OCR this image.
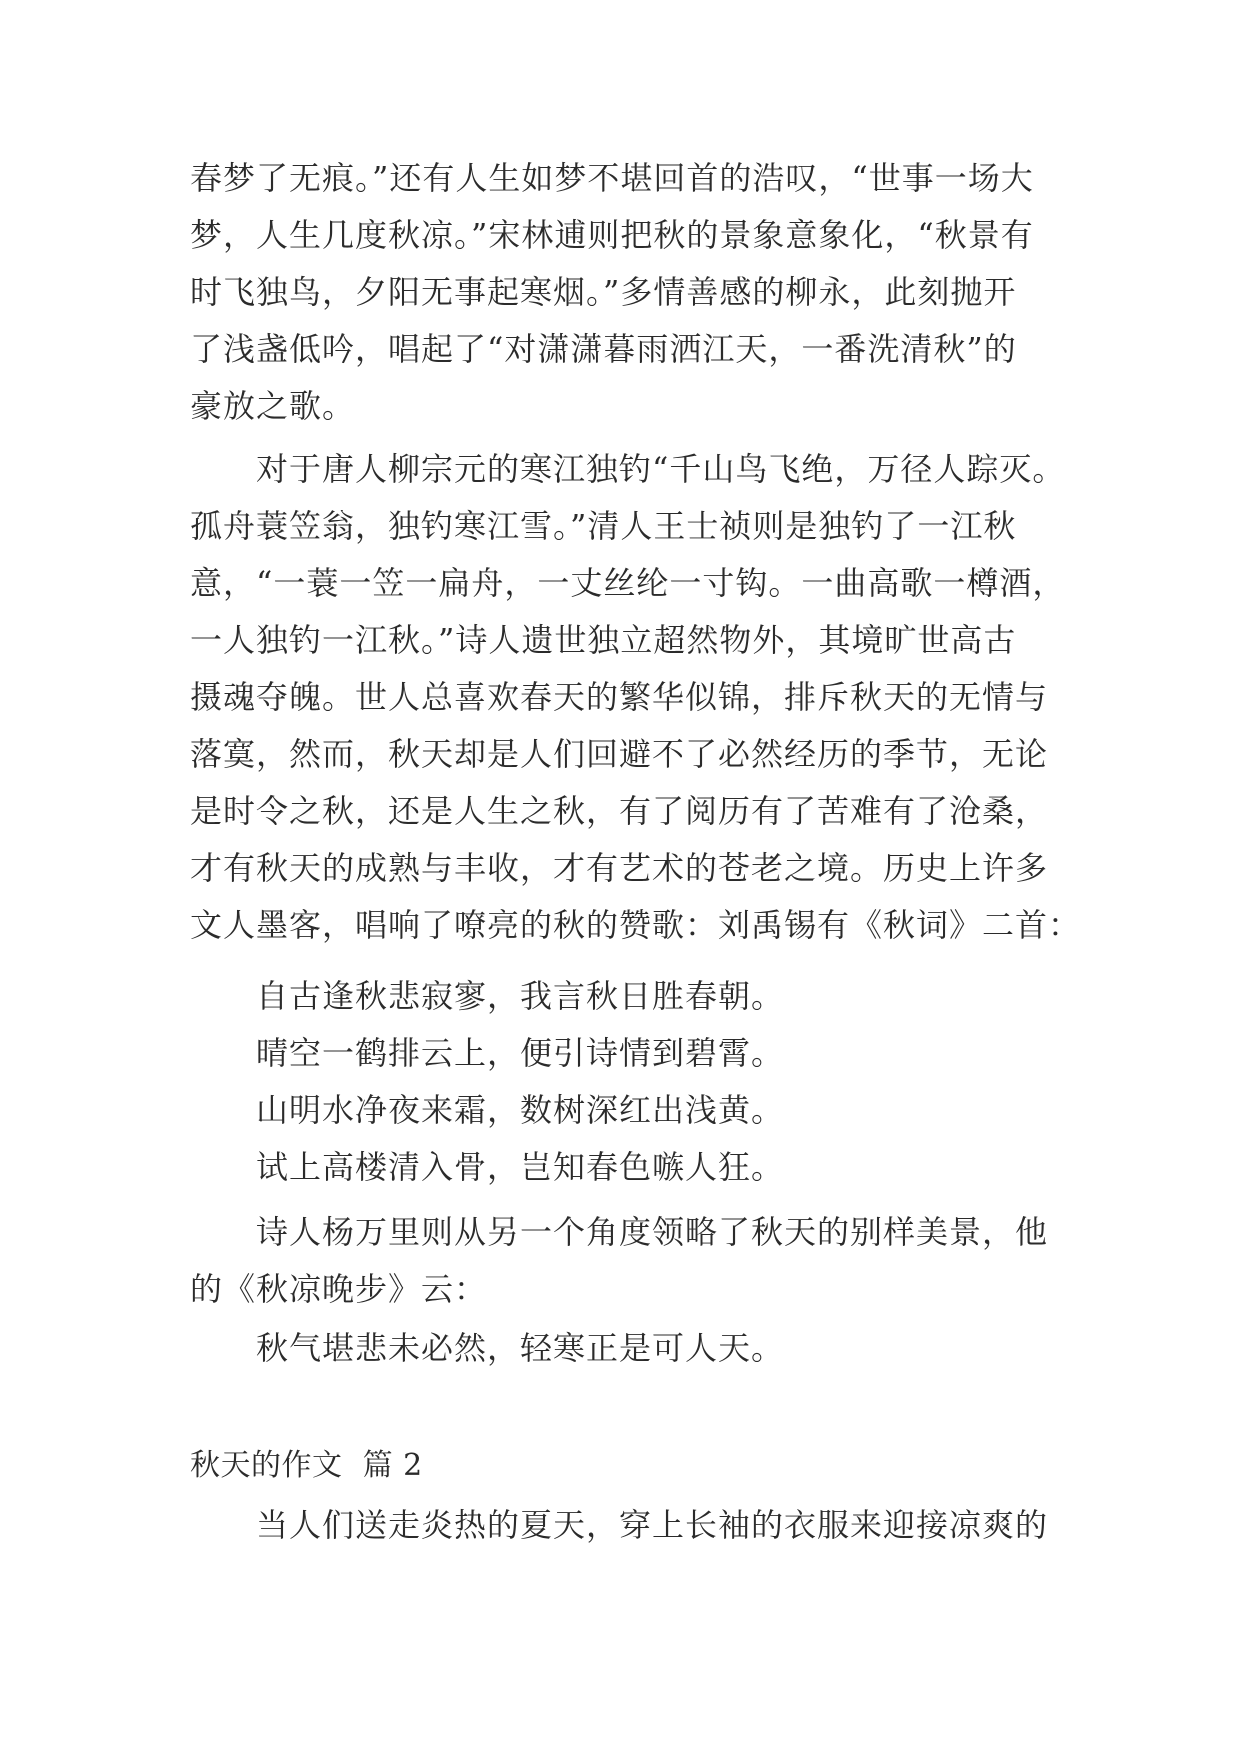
春梦了无痕。”还有人生如梦不堪回首的浩叹，“世事一场大
梦，人生几度秋凉。”宋林逋则把秋的景象意象化，“秋景有
时飞独鸟，夕阳无事起寒烟。”多情善感的柳永，此刻抛开
了浅盏低吟，唱起了“对潇潇暮雨洒江天，一番洗清秋”的
豪放之歌。
对于唐人柳宗元的寒江独钓“千山鸟飞绝，万径人踪灭。
孤舟蓑笠翁，独钓寒江雪。”清人王士祯则是独钓了一江秋
意，“一蓑一笠一扁舟，一丈丝纶一寸钩。一曲高歌一樽酒，
一人独钓一江秋。”诗人遗世独立超然物外，其境旷世高古
摄魂夺魄。世人总喜欢春天的繁华似锦，排斥秋天的无情与
落寞，然而，秋天却是人们回避不了必然经历的季节，无论
是时令之秋，还是人生之秋，有了阅历有了苦难有了沧桑，
才有秋天的成熟与丰收，才有艺术的苍老之境。历史上许多
文人墨客，唱响了嘹亮的秋的赞歌：刘禹锡有《秋词》二首：
自古逢秋悲寂寥，我言秋日胜春朝。
晴空一鹤排云上，便引诗情到碧霄。
山明水净夜来霜，数树深红出浅黄。
试上高楼清入骨，岂知春色嗾人狂。
诗人杨万里则从另一个角度领略了秋天的别样美景，他
的《秋凉晚步》云：
秋气堪悲未必然，轻寒正是可人天。
秋天的作文  篇 2
当人们送走炎热的夏天，穿上长袖的衣服来迎接凉爽的
